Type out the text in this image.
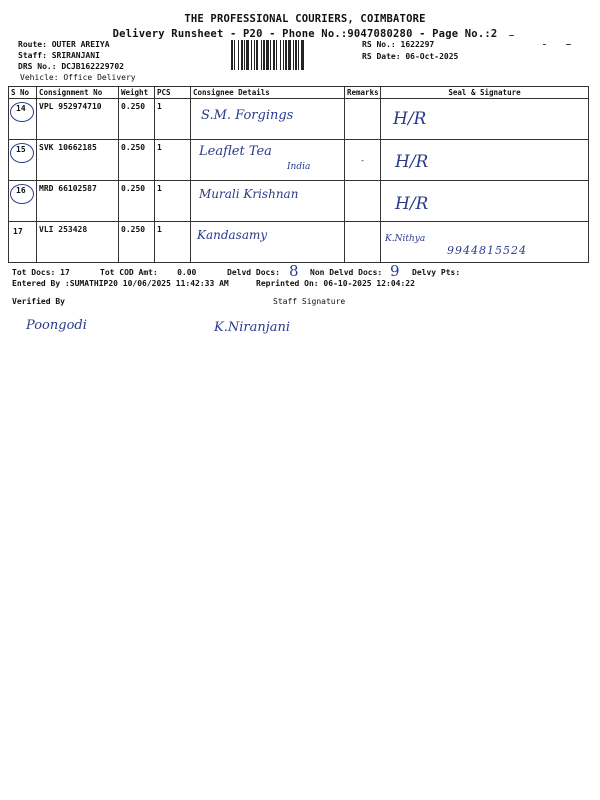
THE PROFESSIONAL COURIERS, COIMBATORE
Delivery Runsheet - P20 - Phone No.:9047080280 - Page No.:2
Route: OUTER AREIYA
Staff: SRIRANJANI
DRS No.: DCJB162229702
Vehicle: Office Delivery
RS No.: 1622297
RS Date: 06-Oct-2025
S No	Consignment No	Weight	PCS	Consignee Details	Remarks	Seal & Signature

14	VPL 952974710	0.250	1	S.M. Forgings		H/R

15	SVK 10662185	0.250	1	Leaflet Tea
India	-	H/R

16	MRD 66102587	0.250	1	Murali Krishnan		H/R

17	VLI 253428	0.250	1	Kandasamy		K.Nithya
9944815524
Tot Docs: 17	Tot COD Amt:    0.00	Delvd Docs: 8 Non Delvd Docs: 9 Delvy Pts:
Entered By :SUMATHIP20 10/06/2025 11:42:33 AM	Reprinted On: 06-10-2025 12:04:22
Verified By	Staff Signature
Poongodi	K.Niranjani
